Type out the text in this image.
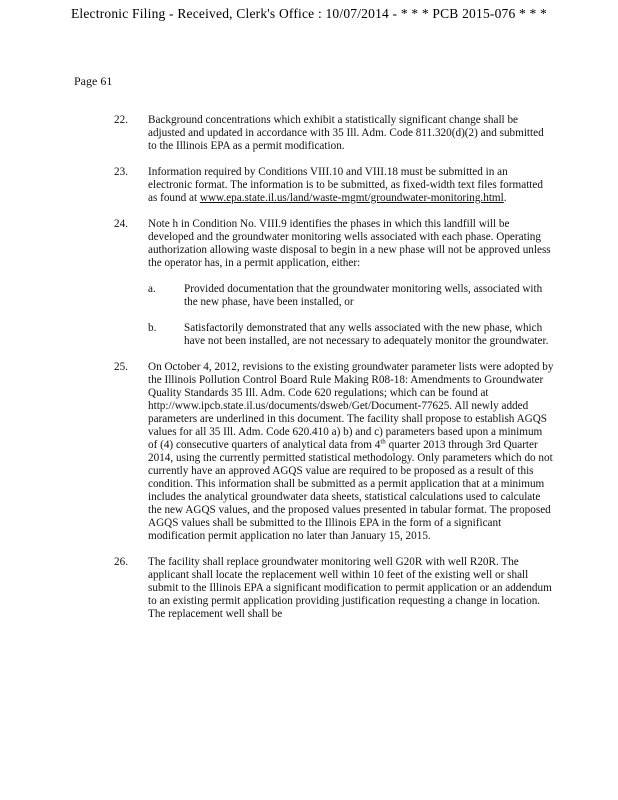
Electronic Filing - Received, Clerk's Office : 10/07/2014 - * * * PCB 2015-076 * * *
Page 61
22. Background concentrations which exhibit a statistically significant change shall be adjusted and updated in accordance with 35 Ill. Adm. Code 811.320(d)(2) and submitted to the Illinois EPA as a permit modification.
23. Information required by Conditions VIII.10 and VIII.18 must be submitted in an electronic format. The information is to be submitted, as fixed-width text files formatted as found at www.epa.state.il.us/land/waste-mgmt/groundwater-monitoring.html.
24. Note h in Condition No. VIII.9 identifies the phases in which this landfill will be developed and the groundwater monitoring wells associated with each phase. Operating authorization allowing waste disposal to begin in a new phase will not be approved unless the operator has, in a permit application, either:
a.	Provided documentation that the groundwater monitoring wells, associated with the new phase, have been installed, or
b. Satisfactorily demonstrated that any wells associated with the new phase, which have not been installed, are not necessary to adequately monitor the groundwater.
25. On October 4, 2012, revisions to the existing groundwater parameter lists were adopted by the Illinois Pollution Control Board Rule Making R08-18: Amendments to Groundwater Quality Standards 35 Ill. Adm. Code 620 regulations; which can be found at http://www.ipcb.state.il.us/documents/dsweb/Get/Document-77625. All newly added parameters are underlined in this document. The facility shall propose to establish AGQS values for all 35 Ill. Adm. Code 620.410 a) b) and c) parameters based upon a minimum of (4) consecutive quarters of analytical data from 4th quarter 2013 through 3rd Quarter 2014, using the currently permitted statistical methodology. Only parameters which do not currently have an approved AGQS value are required to be proposed as a result of this condition. This information shall be submitted as a permit application that at a minimum includes the analytical groundwater data sheets, statistical calculations used to calculate the new AGQS values, and the proposed values presented in tabular format. The proposed AGQS values shall be submitted to the Illinois EPA in the form of a significant modification permit application no later than January 15, 2015.
26. The facility shall replace groundwater monitoring well G20R with well R20R. The applicant shall locate the replacement well within 10 feet of the existing well or shall submit to the Illinois EPA a significant modification to permit application or an addendum to an existing permit application providing justification requesting a change in location. The replacement well shall be
